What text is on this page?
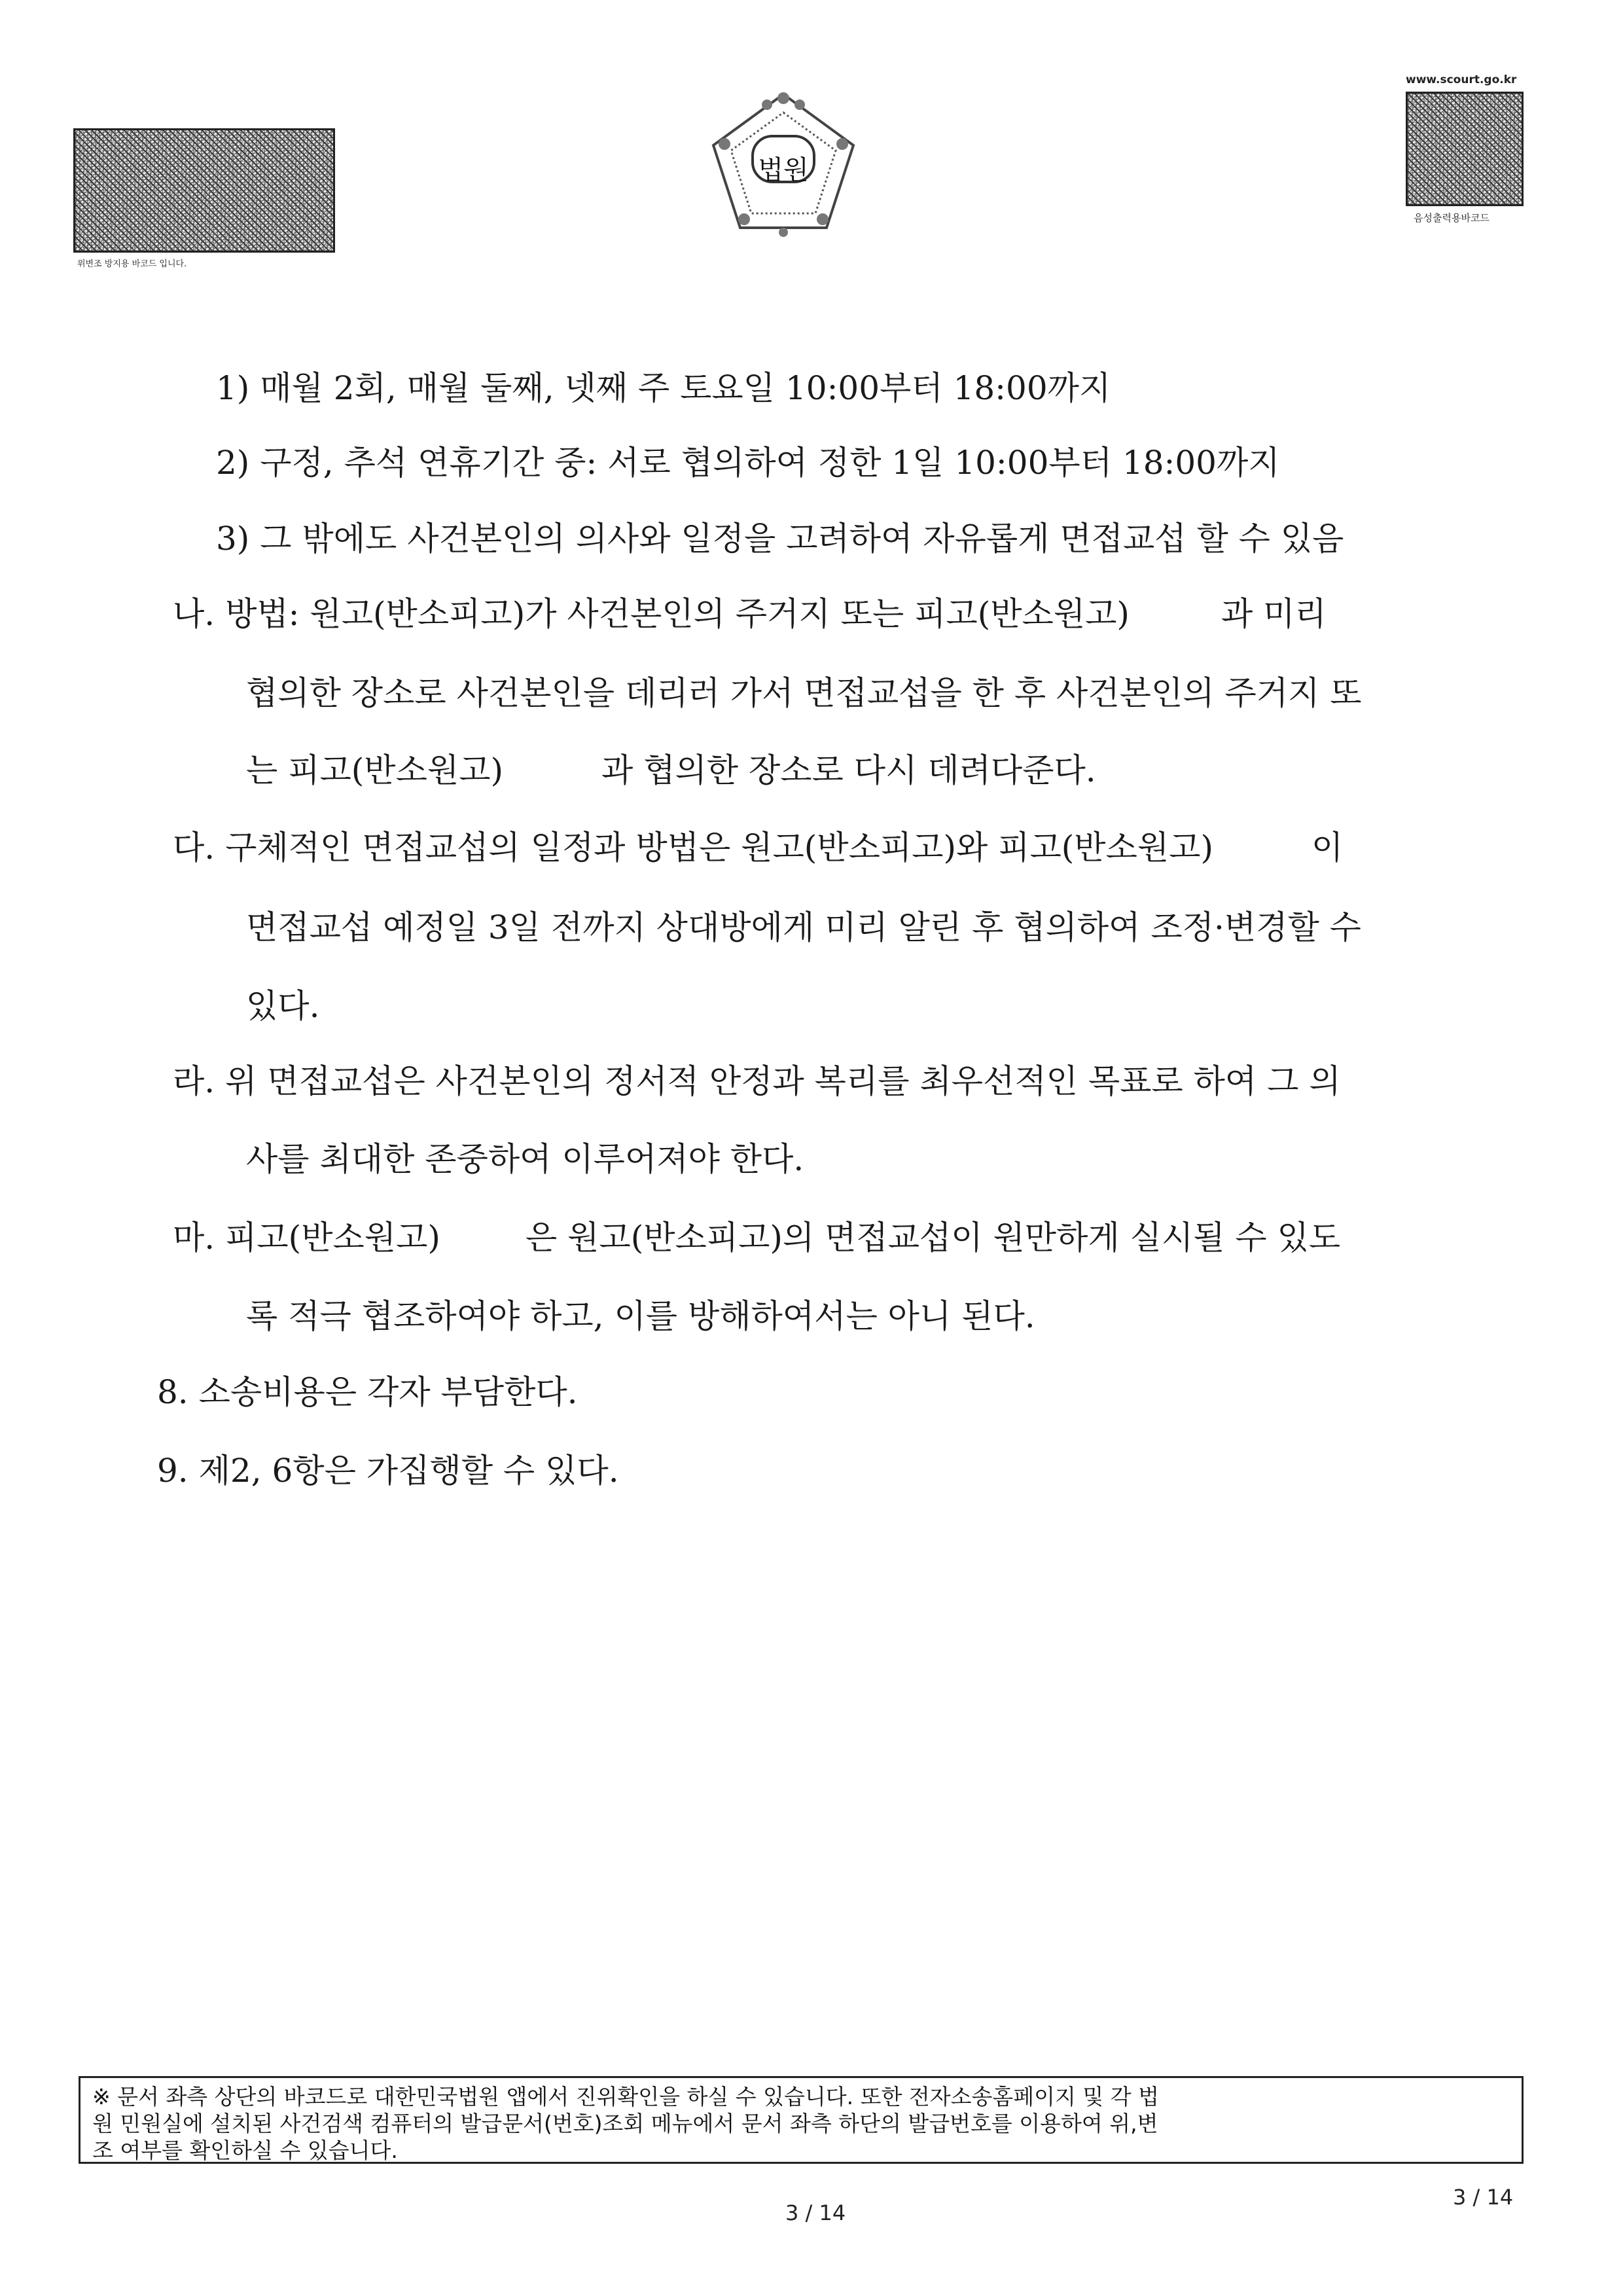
위변조 방지용 바코드 입니다.
www.scourt.go.kr
음성출력용바코드
법원
1) 매월 2회, 매월 둘째, 넷째 주 토요일 10:00부터 18:00까지
2) 구정, 추석 연휴기간 중: 서로 협의하여 정한 1일 10:00부터 18:00까지
3) 그 밖에도 사건본인의 의사와 일정을 고려하여 자유롭게 면접교섭 할 수 있음
나. 방법: 원고(반소피고)가 사건본인의 주거지 또는 피고(반소원고)	과 미리
협의한 장소로 사건본인을 데리러 가서 면접교섭을 한 후 사건본인의 주거지 또
는 피고(반소원고)	과 협의한 장소로 다시 데려다준다.
다. 구체적인 면접교섭의 일정과 방법은 원고(반소피고)와 피고(반소원고)	이
면접교섭 예정일 3일 전까지 상대방에게 미리 알린 후 협의하여 조정·변경할 수
있다.
라. 위 면접교섭은 사건본인의 정서적 안정과 복리를 최우선적인 목표로 하여 그 의
사를 최대한 존중하여 이루어져야 한다.
마. 피고(반소원고)	은 원고(반소피고)의 면접교섭이 원만하게 실시될 수 있도
록 적극 협조하여야 하고, 이를 방해하여서는 아니 된다.
8. 소송비용은 각자 부담한다.
9. 제2, 6항은 가집행할 수 있다.
※ 문서 좌측 상단의 바코드로 대한민국법원 앱에서 진위확인을 하실 수 있습니다. 또한 전자소송홈페이지 및 각 법
원 민원실에 설치된 사건검색 컴퓨터의 발급문서(번호)조회 메뉴에서 문서 좌측 하단의 발급번호를 이용하여 위,변
조 여부를 확인하실 수 있습니다.
3 / 14
3 / 14
